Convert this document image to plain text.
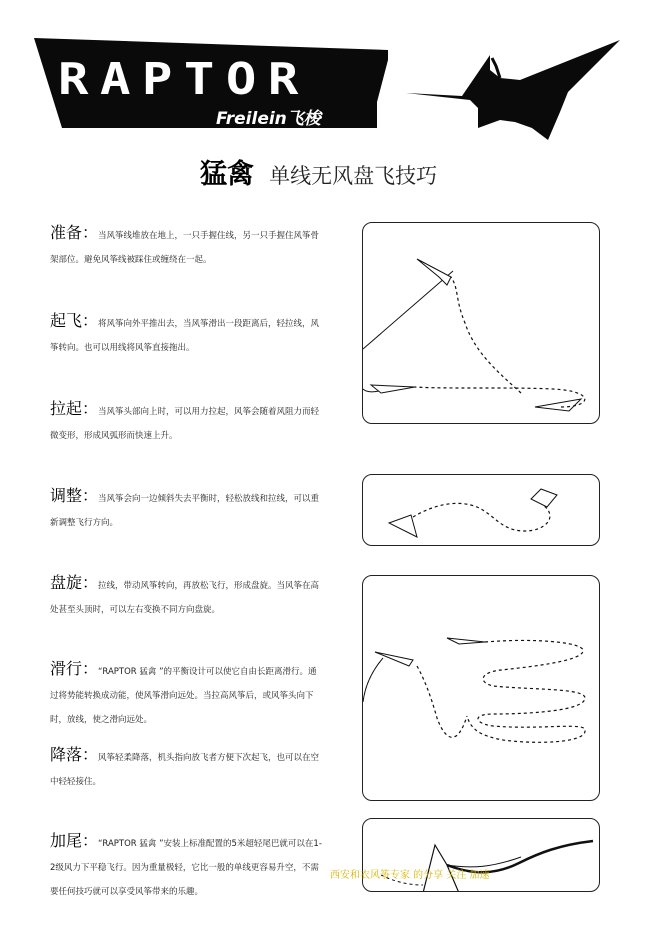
RAPTOR
Freilein飞梭
猛禽 单线无风盘飞技巧
准备：当风筝线堆放在地上，一只手握住线，另一只手握住风筝骨架部位。避免风筝线被踩住或缠绕在一起。
起飞：将风筝向外平推出去，当风筝滑出一段距离后，轻拉线，风筝转向。也可以用线将风筝直接拖出。
拉起：当风筝头部向上时，可以用力拉起，风筝会随着风阻力而轻微变形，形成风弧形而快速上升。
调整：当风筝会向一边倾斜失去平衡时，轻松放线和拉线，可以重新调整飞行方向。
盘旋：拉线，带动风筝转向，再放松飞行，形成盘旋。当风筝在高处甚至头顶时，可以左右变换不同方向盘旋。
滑行：“RAPTOR 猛禽 ”的平衡设计可以使它自由长距离滑行。通过将势能转换成动能，使风筝滑向远处。当拉高风筝后，或风筝头向下时，放线，使之滑向远处。
降落：风筝轻柔降落，机头指向放飞者方便下次起飞，也可以在空中轻轻接住。
加尾：“RAPTOR 猛禽 ”安装上标准配置的5米超轻尾巴就可以在1-2级风力下平稳飞行。因为重量极轻，它比一般的单线更容易升空，不需要任何技巧就可以享受风筝带来的乐趣。
西安和衣风筝专家 的分享 关注 加速
